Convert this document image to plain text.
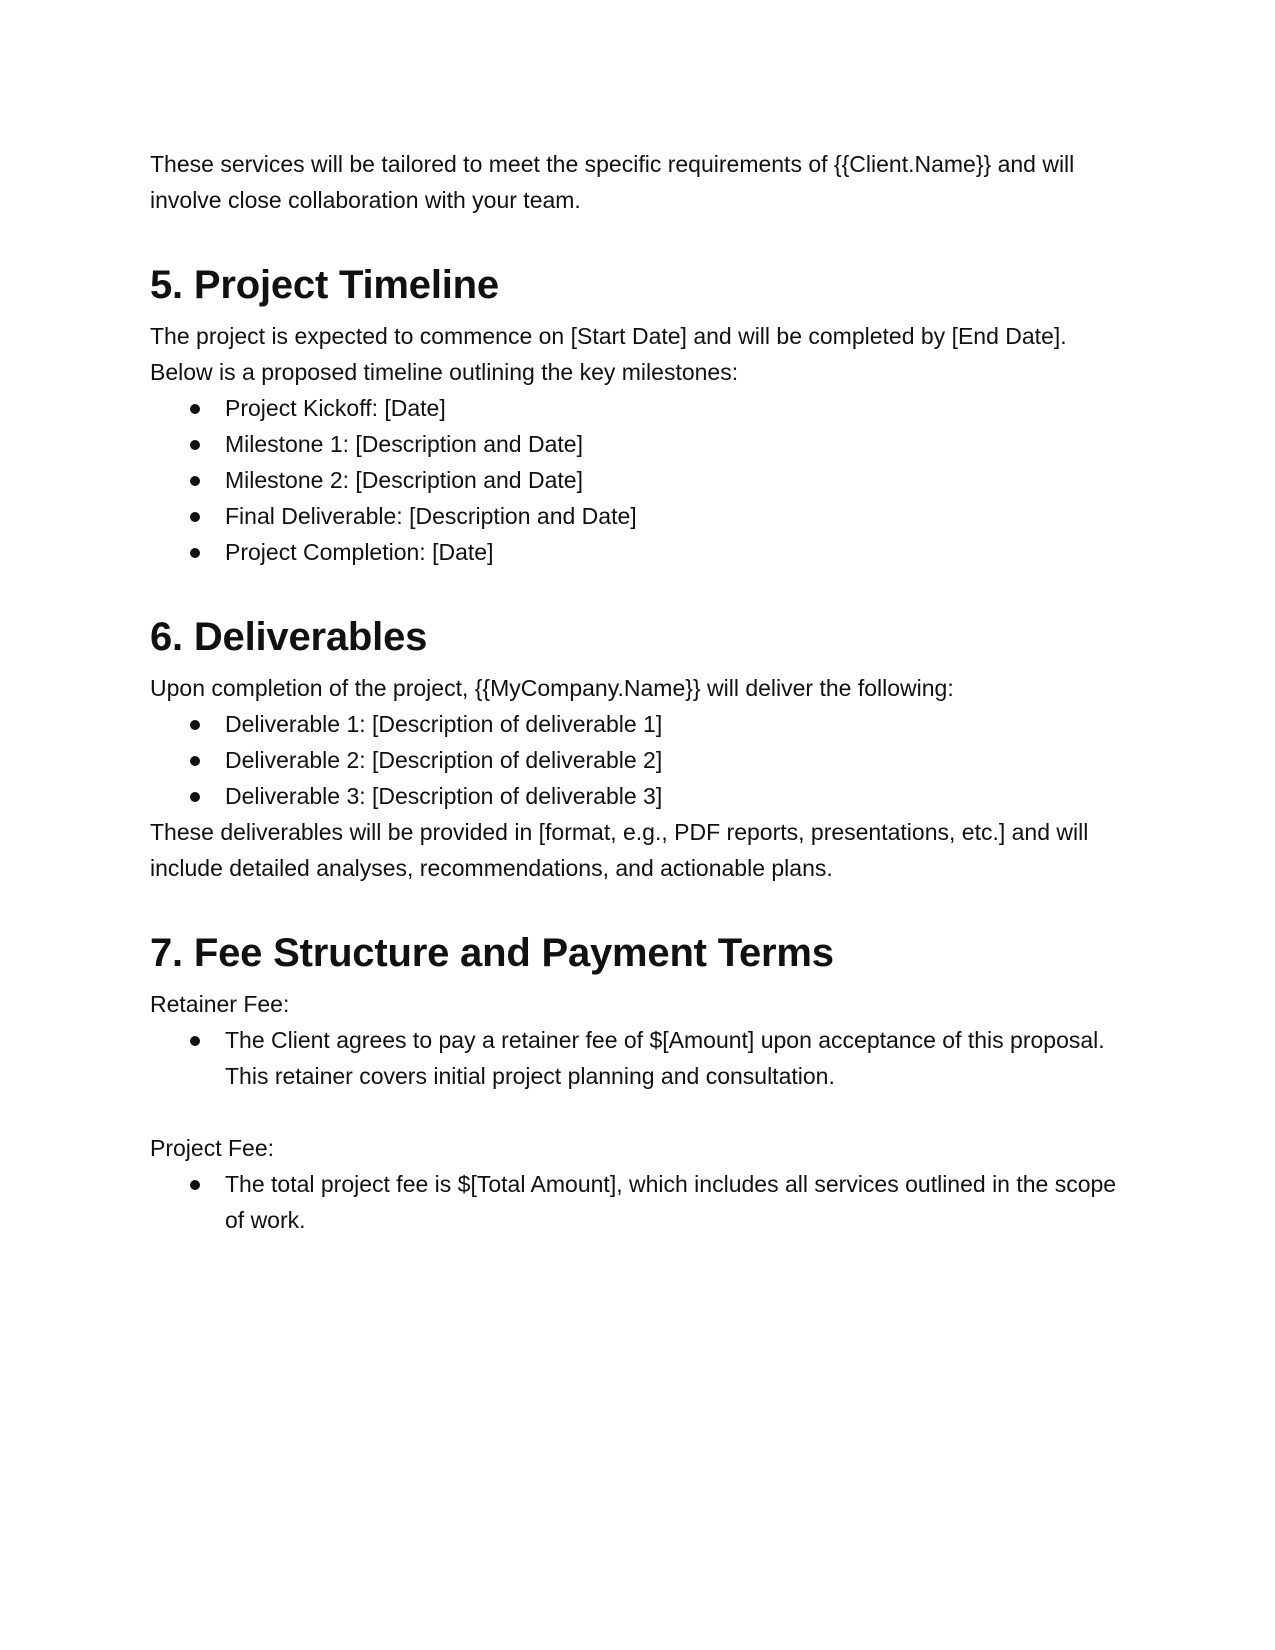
These services will be tailored to meet the specific requirements of {{Client.Name}} and will involve close collaboration with your team.

5. Project Timeline

The project is expected to commence on [Start Date] and will be completed by [End Date]. Below is a proposed timeline outlining the key milestones:

Project Kickoff: [Date]
Milestone 1: [Description and Date]
Milestone 2: [Description and Date]
Final Deliverable: [Description and Date]
Project Completion: [Date]
6. Deliverables

Upon completion of the project, {{MyCompany.Name}} will deliver the following:

Deliverable 1: [Description of deliverable 1]
Deliverable 2: [Description of deliverable 2]
Deliverable 3: [Description of deliverable 3]

These deliverables will be provided in [format, e.g., PDF reports, presentations, etc.] and will include detailed analyses, recommendations, and actionable plans.

7. Fee Structure and Payment Terms

Retainer Fee:

The Client agrees to pay a retainer fee of $[Amount] upon acceptance of this proposal. This retainer covers initial project planning and consultation.

Project Fee:

The total project fee is $[Total Amount], which includes all services outlined in the scope of work.
